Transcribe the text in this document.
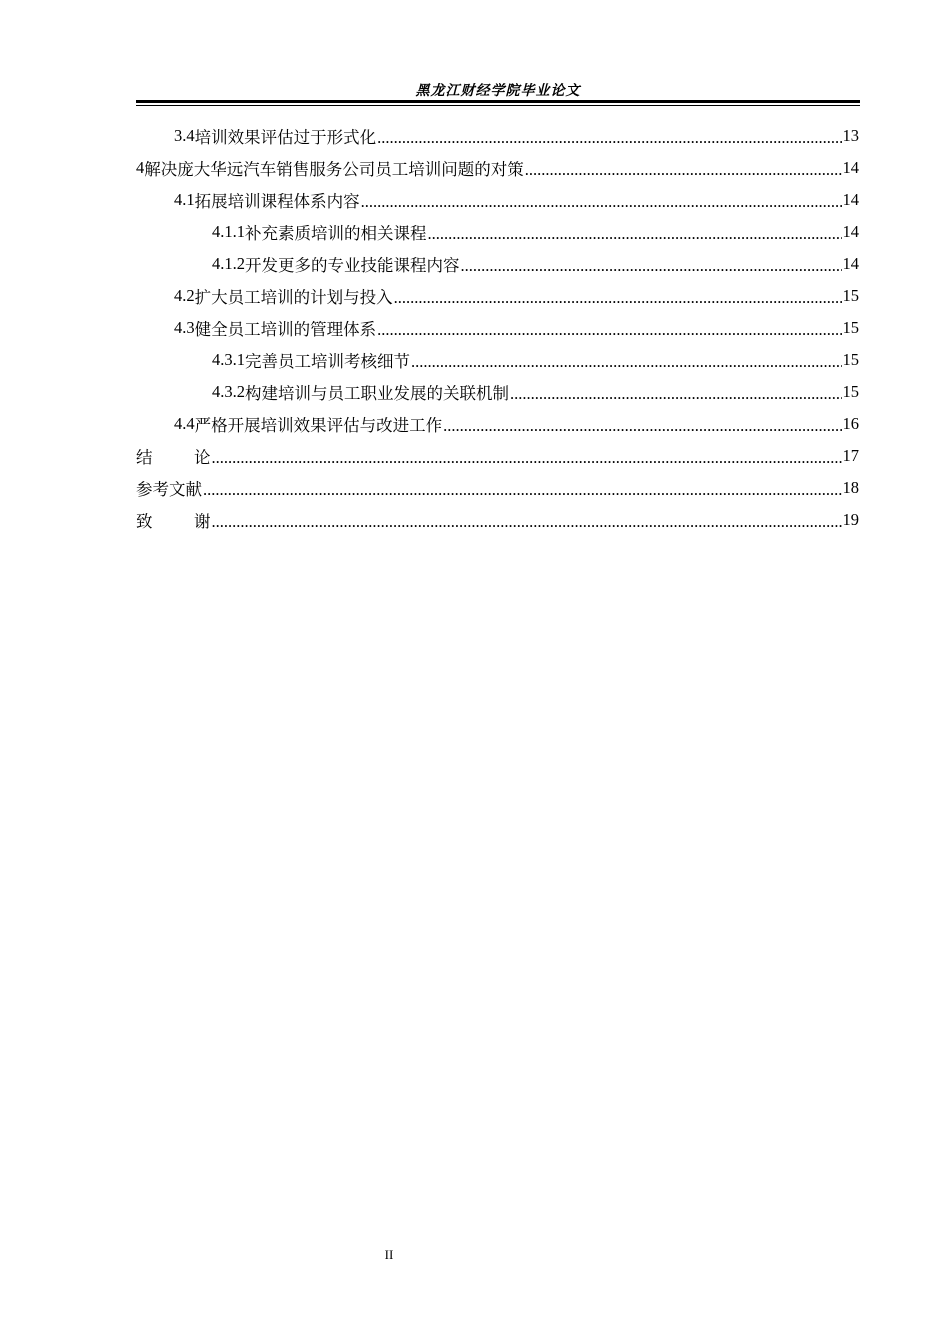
黑龙江财经学院毕业论文
3.4 培训效果评估过于形式化 .....	13
4 解决庞大华远汽车销售服务公司员工培训问题的对策 .....	14
4.1 拓展培训课程体系内容 .....	14
4.1.1 补充素质培训的相关课程 .....	14
4.1.2 开发更多的专业技能课程内容 .....	14
4.2 扩大员工培训的计划与投入 .....	15
4.3 健全员工培训的管理体系 .....	15
4.3.1 完善员工培训考核细节 .....	15
4.3.2 构建培训与员工职业发展的关联机制 .....	15
4.4 严格开展培训效果评估与改进工作 .....	16
结	论 .....	17
参考文献 .....	18
致	谢 .....	19
II
